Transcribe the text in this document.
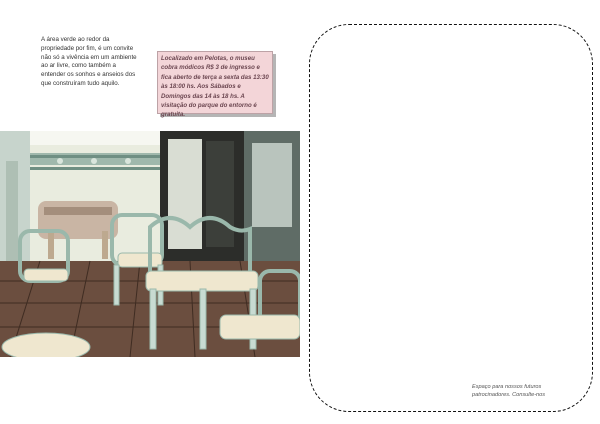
A área verde ao redor da propriedade por fim, é um convite não só a vivência em um ambiente ao ar livre, como também a entender os sonhos e anseios dos que construíram tudo aquilo.
Localizado em Pelotas, o museu cobra módicos R$ 3 de ingresso e fica aberto de terça a sexta das 13:30 às 18:00 hs. Aos Sábados e Domingos das 14 às 18 hs. A visitação do parque do entorno é gratuita.
Espaço para nossos futuros patrocinadores. Consulte-nos
